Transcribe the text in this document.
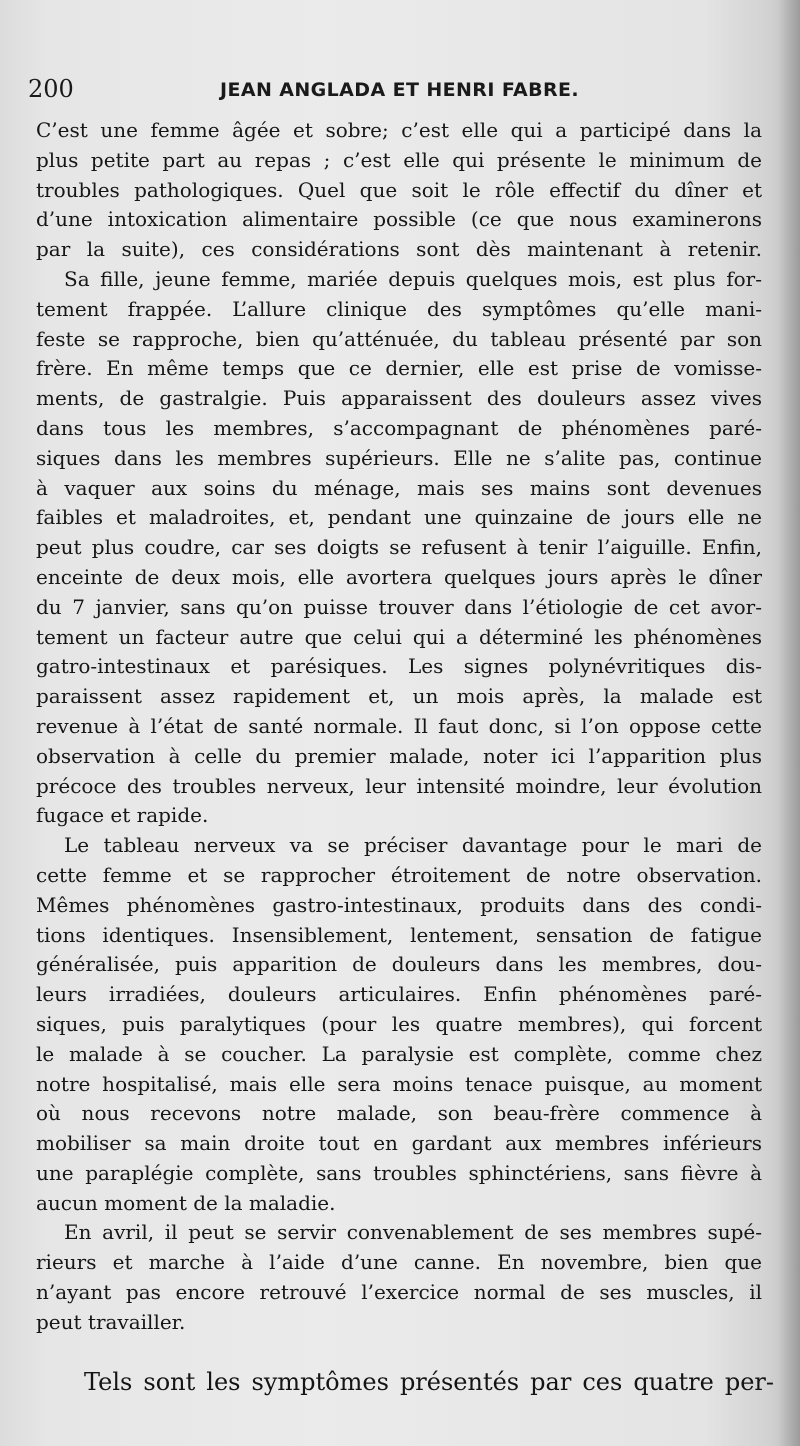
200	JEAN ANGLADA ET HENRI FABRE.
C’est une femme âgée et sobre; c’est elle qui a participé dans la
plus petite part au repas ; c’est elle qui présente le minimum de
troubles pathologiques. Quel que soit le rôle effectif du dîner et
d’une intoxication alimentaire possible (ce que nous examinerons
par la suite), ces considérations sont dès maintenant à retenir.
Sa fille, jeune femme, mariée depuis quelques mois, est plus for-
tement frappée. L’allure clinique des symptômes qu’elle mani-
feste se rapproche, bien qu’atténuée, du tableau présenté par son
frère. En même temps que ce dernier, elle est prise de vomisse-
ments, de gastralgie. Puis apparaissent des douleurs assez vives
dans tous les membres, s’accompagnant de phénomènes paré-
siques dans les membres supérieurs. Elle ne s’alite pas, continue
à vaquer aux soins du ménage, mais ses mains sont devenues
faibles et maladroites, et, pendant une quinzaine de jours elle ne
peut plus coudre, car ses doigts se refusent à tenir l’aiguille. Enfin,
enceinte de deux mois, elle avortera quelques jours après le dîner
du 7 janvier, sans qu’on puisse trouver dans l’étiologie de cet avor-
tement un facteur autre que celui qui a déterminé les phénomènes
gatro-intestinaux et parésiques. Les signes polynévritiques dis-
paraissent assez rapidement et, un mois après, la malade est
revenue à l’état de santé normale. Il faut donc, si l’on oppose cette
observation à celle du premier malade, noter ici l’apparition plus
précoce des troubles nerveux, leur intensité moindre, leur évolution
fugace et rapide.
Le tableau nerveux va se préciser davantage pour le mari de
cette femme et se rapprocher étroitement de notre observation.
Mêmes phénomènes gastro-intestinaux, produits dans des condi-
tions identiques. Insensiblement, lentement, sensation de fatigue
généralisée, puis apparition de douleurs dans les membres, dou-
leurs irradiées, douleurs articulaires. Enfin phénomènes paré-
siques, puis paralytiques (pour les quatre membres), qui forcent
le malade à se coucher. La paralysie est complète, comme chez
notre hospitalisé, mais elle sera moins tenace puisque, au moment
où nous recevons notre malade, son beau-frère commence à
mobiliser sa main droite tout en gardant aux membres inférieurs
une paraplégie complète, sans troubles sphinctériens, sans fièvre à
aucun moment de la maladie.
En avril, il peut se servir convenablement de ses membres supé-
rieurs et marche à l’aide d’une canne. En novembre, bien que
n’ayant pas encore retrouvé l’exercice normal de ses muscles, il
peut travailler.
Tels sont les symptômes présentés par ces quatre per-
